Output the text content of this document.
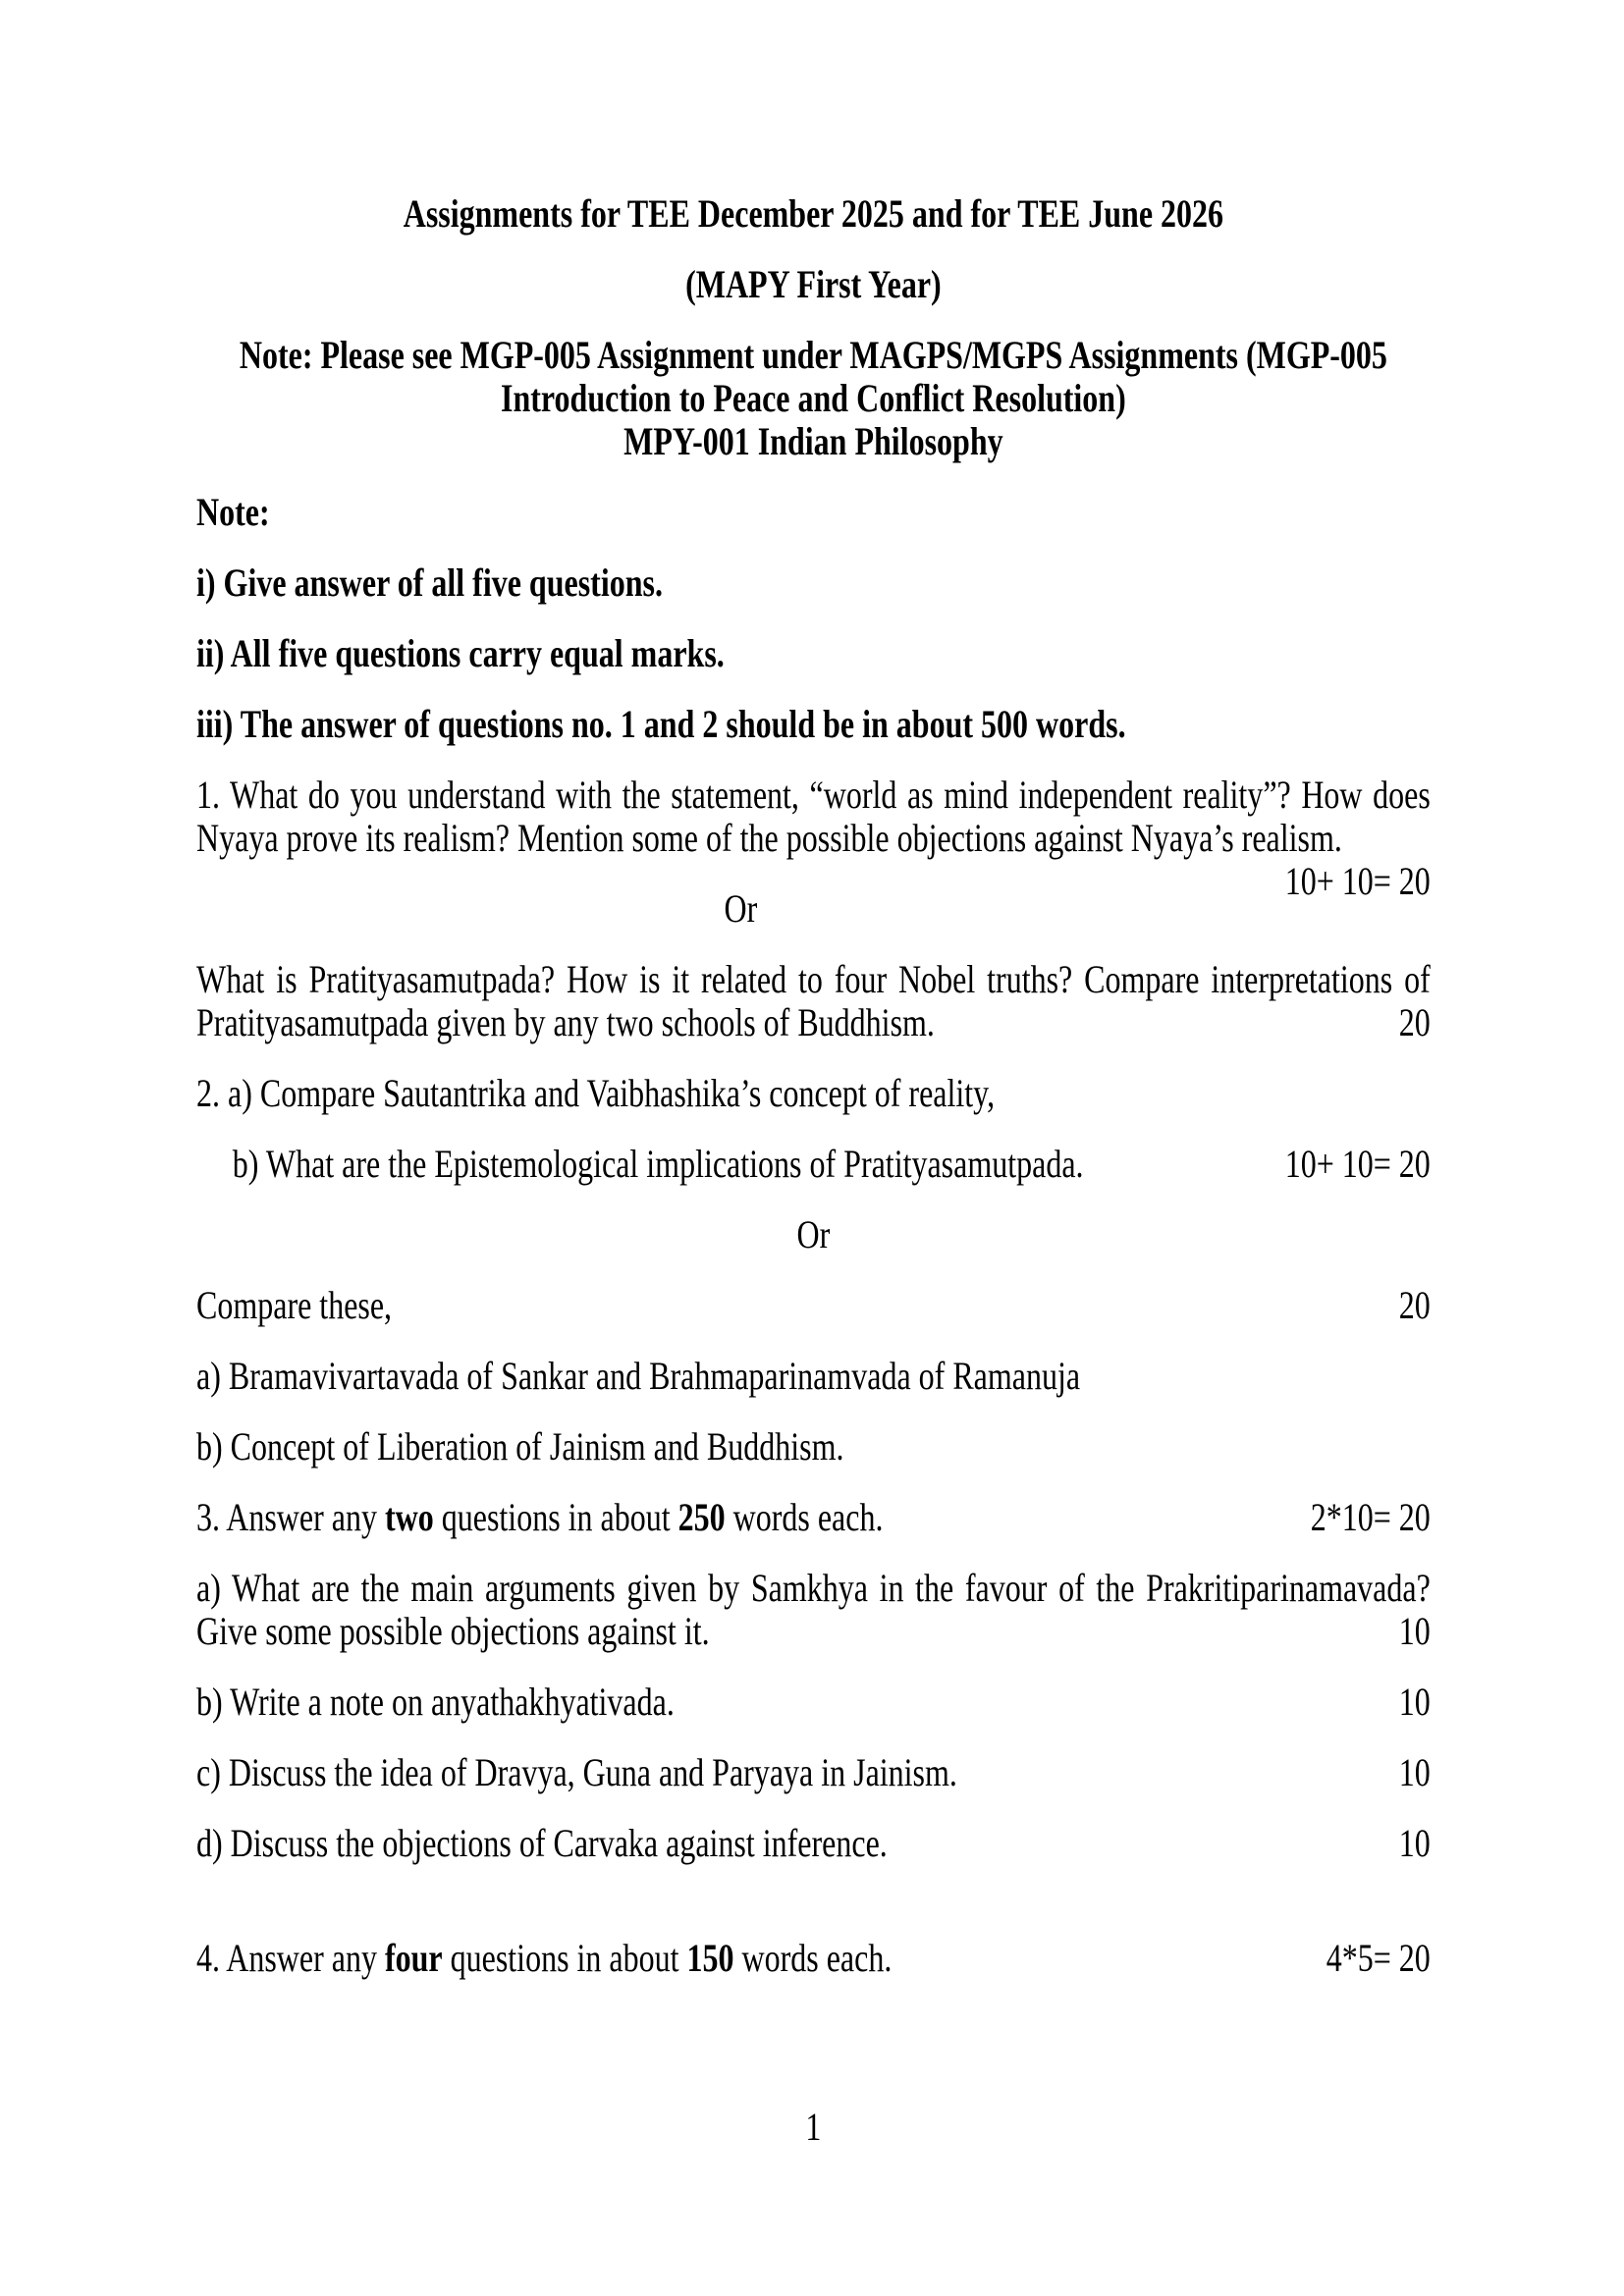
Assignments for TEE December 2025 and for TEE June 2026
(MAPY First Year)
Note: Please see MGP-005 Assignment under MAGPS/MGPS Assignments (MGP-005
Introduction to Peace and Conflict Resolution)
MPY-001 Indian Philosophy
Note:
i) Give answer of all five questions.
ii) All five questions carry equal marks.
iii) The answer of questions no. 1 and 2 should be in about 500 words.
1. What do you understand with the statement, “world as mind independent reality”? How does Nyaya prove its realism? Mention some of the possible objections against Nyaya’s realism.
10+ 10= 20
Or
What is Pratityasamutpada? How is it related to four Nobel truths? Compare interpretations of Pratityasamutpada given by any two schools of Buddhism.	20
2. a) Compare Sautantrika and Vaibhashika’s concept of reality,
b) What are the Epistemological implications of Pratityasamutpada.	10+ 10= 20
Or
Compare these,	20
a) Bramavivartavada of Sankar and Brahmaparinamvada of Ramanuja
b) Concept of Liberation of Jainism and Buddhism.
3. Answer any two questions in about 250 words each.	2*10= 20
a) What are the main arguments given by Samkhya in the favour of the Prakritiparinamavada? Give some possible objections against it.	10
b) Write a note on anyathakhyativada.	10
c) Discuss the idea of Dravya, Guna and Paryaya in Jainism.	10
d) Discuss the objections of Carvaka against inference.	10
4. Answer any four questions in about 150 words each.	4*5= 20
1
